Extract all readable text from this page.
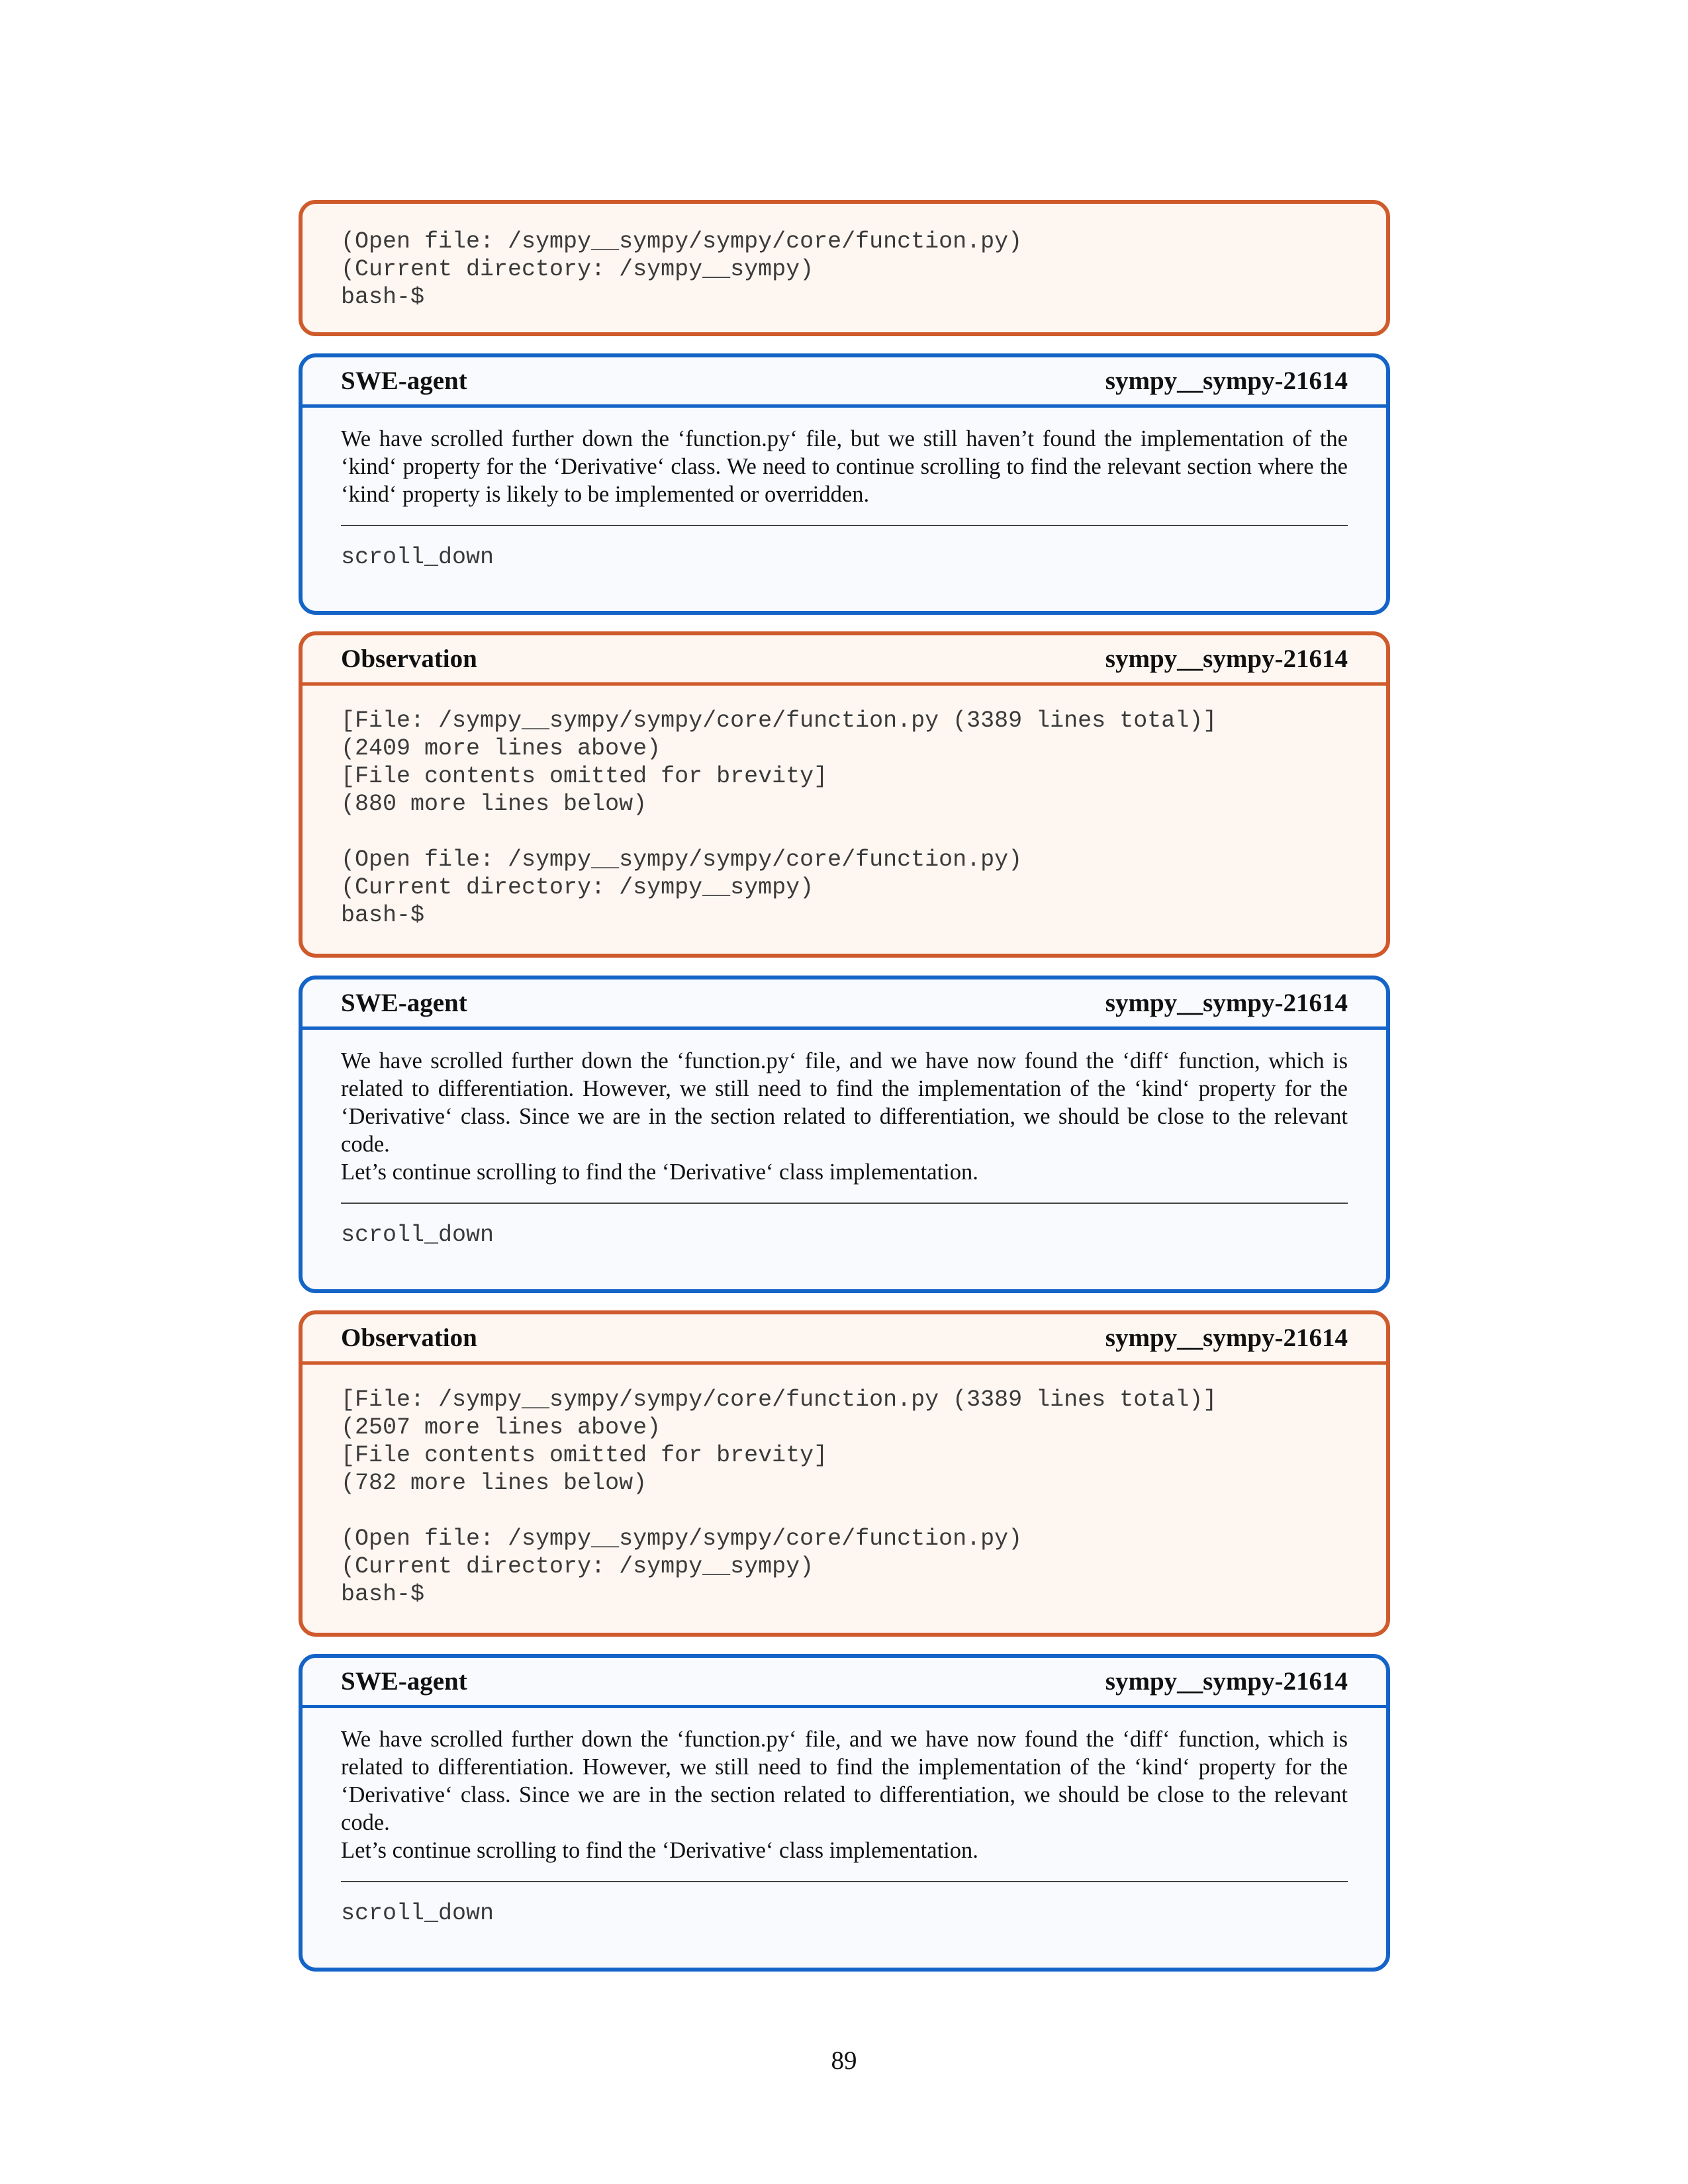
(Open file: /sympy__sympy/sympy/core/function.py)
(Current directory: /sympy__sympy)
bash-$
SWE-agent	sympy__sympy-21614

We have scrolled further down the ‘function.py‘ file, but we still haven’t found the implementation of the ‘kind‘ property for the ‘Derivative‘ class. We need to continue scrolling to find the relevant section where the ‘kind‘ property is likely to be implemented or overridden.

scroll_down
Observation	sympy__sympy-21614
[File: /sympy__sympy/sympy/core/function.py (3389 lines total)]
(2409 more lines above)
[File contents omitted for brevity]
(880 more lines below)

(Open file: /sympy__sympy/sympy/core/function.py)
(Current directory: /sympy__sympy)
bash-$
SWE-agent	sympy__sympy-21614

We have scrolled further down the ‘function.py‘ file, and we have now found the ‘diff‘ function, which is related to differentiation. However, we still need to find the implementation of the ‘kind‘ property for the ‘Derivative‘ class. Since we are in the section related to differentiation, we should be close to the relevant code.

Let’s continue scrolling to find the ‘Derivative‘ class implementation.

scroll_down
Observation	sympy__sympy-21614
[File: /sympy__sympy/sympy/core/function.py (3389 lines total)]
(2507 more lines above)
[File contents omitted for brevity]
(782 more lines below)

(Open file: /sympy__sympy/sympy/core/function.py)
(Current directory: /sympy__sympy)
bash-$
SWE-agent	sympy__sympy-21614

We have scrolled further down the ‘function.py‘ file, and we have now found the ‘diff‘ function, which is related to differentiation. However, we still need to find the implementation of the ‘kind‘ property for the ‘Derivative‘ class. Since we are in the section related to differentiation, we should be close to the relevant code.

Let’s continue scrolling to find the ‘Derivative‘ class implementation.

scroll_down
89
